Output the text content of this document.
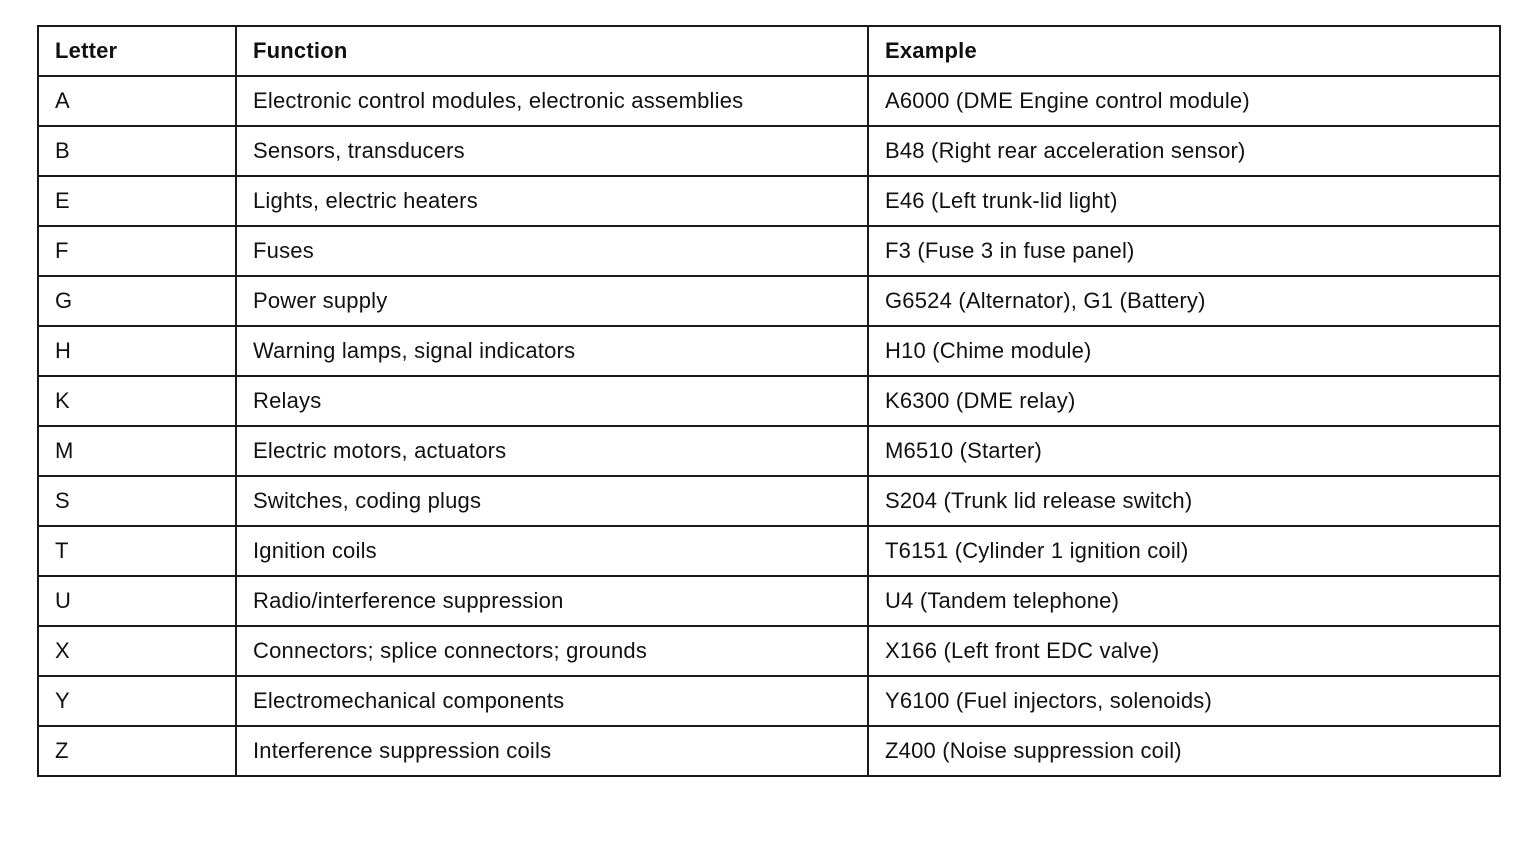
Letter	Function	Example
A	Electronic control modules, electronic assemblies	A6000 (DME Engine control module)
B	Sensors, transducers	B48 (Right rear acceleration sensor)
E	Lights, electric heaters	E46 (Left trunk-lid light)
F	Fuses	F3 (Fuse 3 in fuse panel)
G	Power supply	G6524 (Alternator), G1 (Battery)
H	Warning lamps, signal indicators	H10 (Chime module)
K	Relays	K6300 (DME relay)
M	Electric motors, actuators	M6510 (Starter)
S	Switches, coding plugs	S204 (Trunk lid release switch)
T	Ignition coils	T6151 (Cylinder 1 ignition coil)
U	Radio/interference suppression	U4 (Tandem telephone)
X	Connectors; splice connectors; grounds	X166 (Left front EDC valve)
Y	Electromechanical components	Y6100 (Fuel injectors, solenoids)
Z	Interference suppression coils	Z400 (Noise suppression coil)
